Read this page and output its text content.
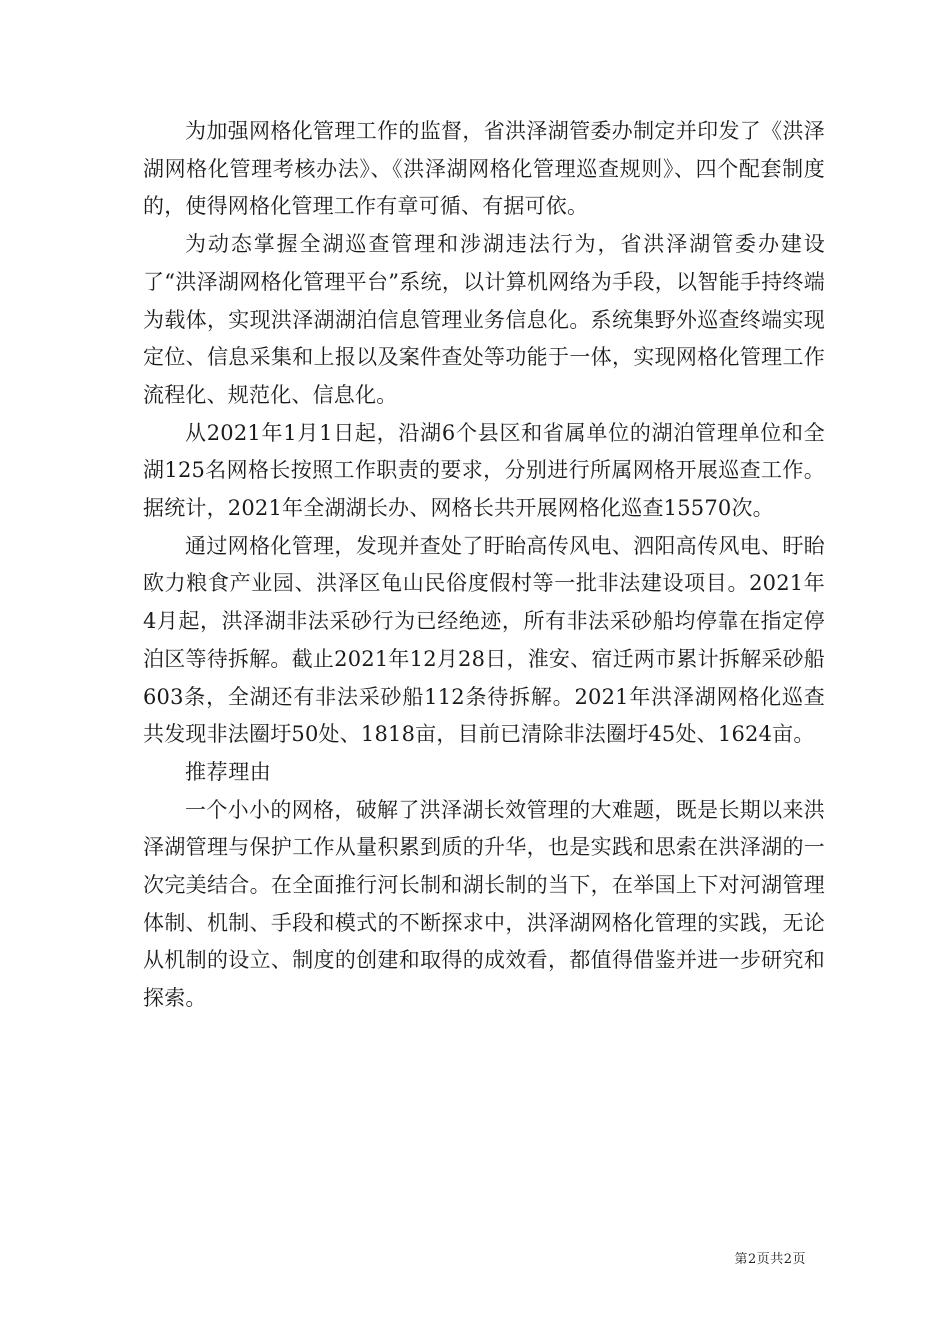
为加强网格化管理工作的监督，省洪泽湖管委办制定并印发了《洪泽湖网格化管理考核办法》、《洪泽湖网格化管理巡查规则》、四个配套制度的，使得网格化管理工作有章可循、有据可依。

为动态掌握全湖巡查管理和涉湖违法行为，省洪泽湖管委办建设了“洪泽湖网格化管理平台”系统，以计算机网络为手段，以智能手持终端为载体，实现洪泽湖湖泊信息管理业务信息化。系统集野外巡查终端实现定位、信息采集和上报以及案件查处等功能于一体，实现网格化管理工作流程化、规范化、信息化。

从2021年1月1日起，沿湖6个县区和省属单位的湖泊管理单位和全湖125名网格长按照工作职责的要求，分别进行所属网格开展巡查工作。据统计，2021年全湖湖长办、网格长共开展网格化巡查15570次。

通过网格化管理，发现并查处了盱眙高传风电、泗阳高传风电、盱眙欧力粮食产业园、洪泽区龟山民俗度假村等一批非法建设项目。2021年4月起，洪泽湖非法采砂行为已经绝迹，所有非法采砂船均停靠在指定停泊区等待拆解。截止2021年12月28日，淮安、宿迁两市累计拆解采砂船603条，全湖还有非法采砂船112条待拆解。2021年洪泽湖网格化巡查共发现非法圈圩50处、1818亩，目前已清除非法圈圩45处、1624亩。

推荐理由

一个小小的网格，破解了洪泽湖长效管理的大难题，既是长期以来洪泽湖管理与保护工作从量积累到质的升华，也是实践和思索在洪泽湖的一次完美结合。在全面推行河长制和湖长制的当下，在举国上下对河湖管理体制、机制、手段和模式的不断探求中，洪泽湖网格化管理的实践，无论从机制的设立、制度的创建和取得的成效看，都值得借鉴并进一步研究和探索。

第2页共2页
